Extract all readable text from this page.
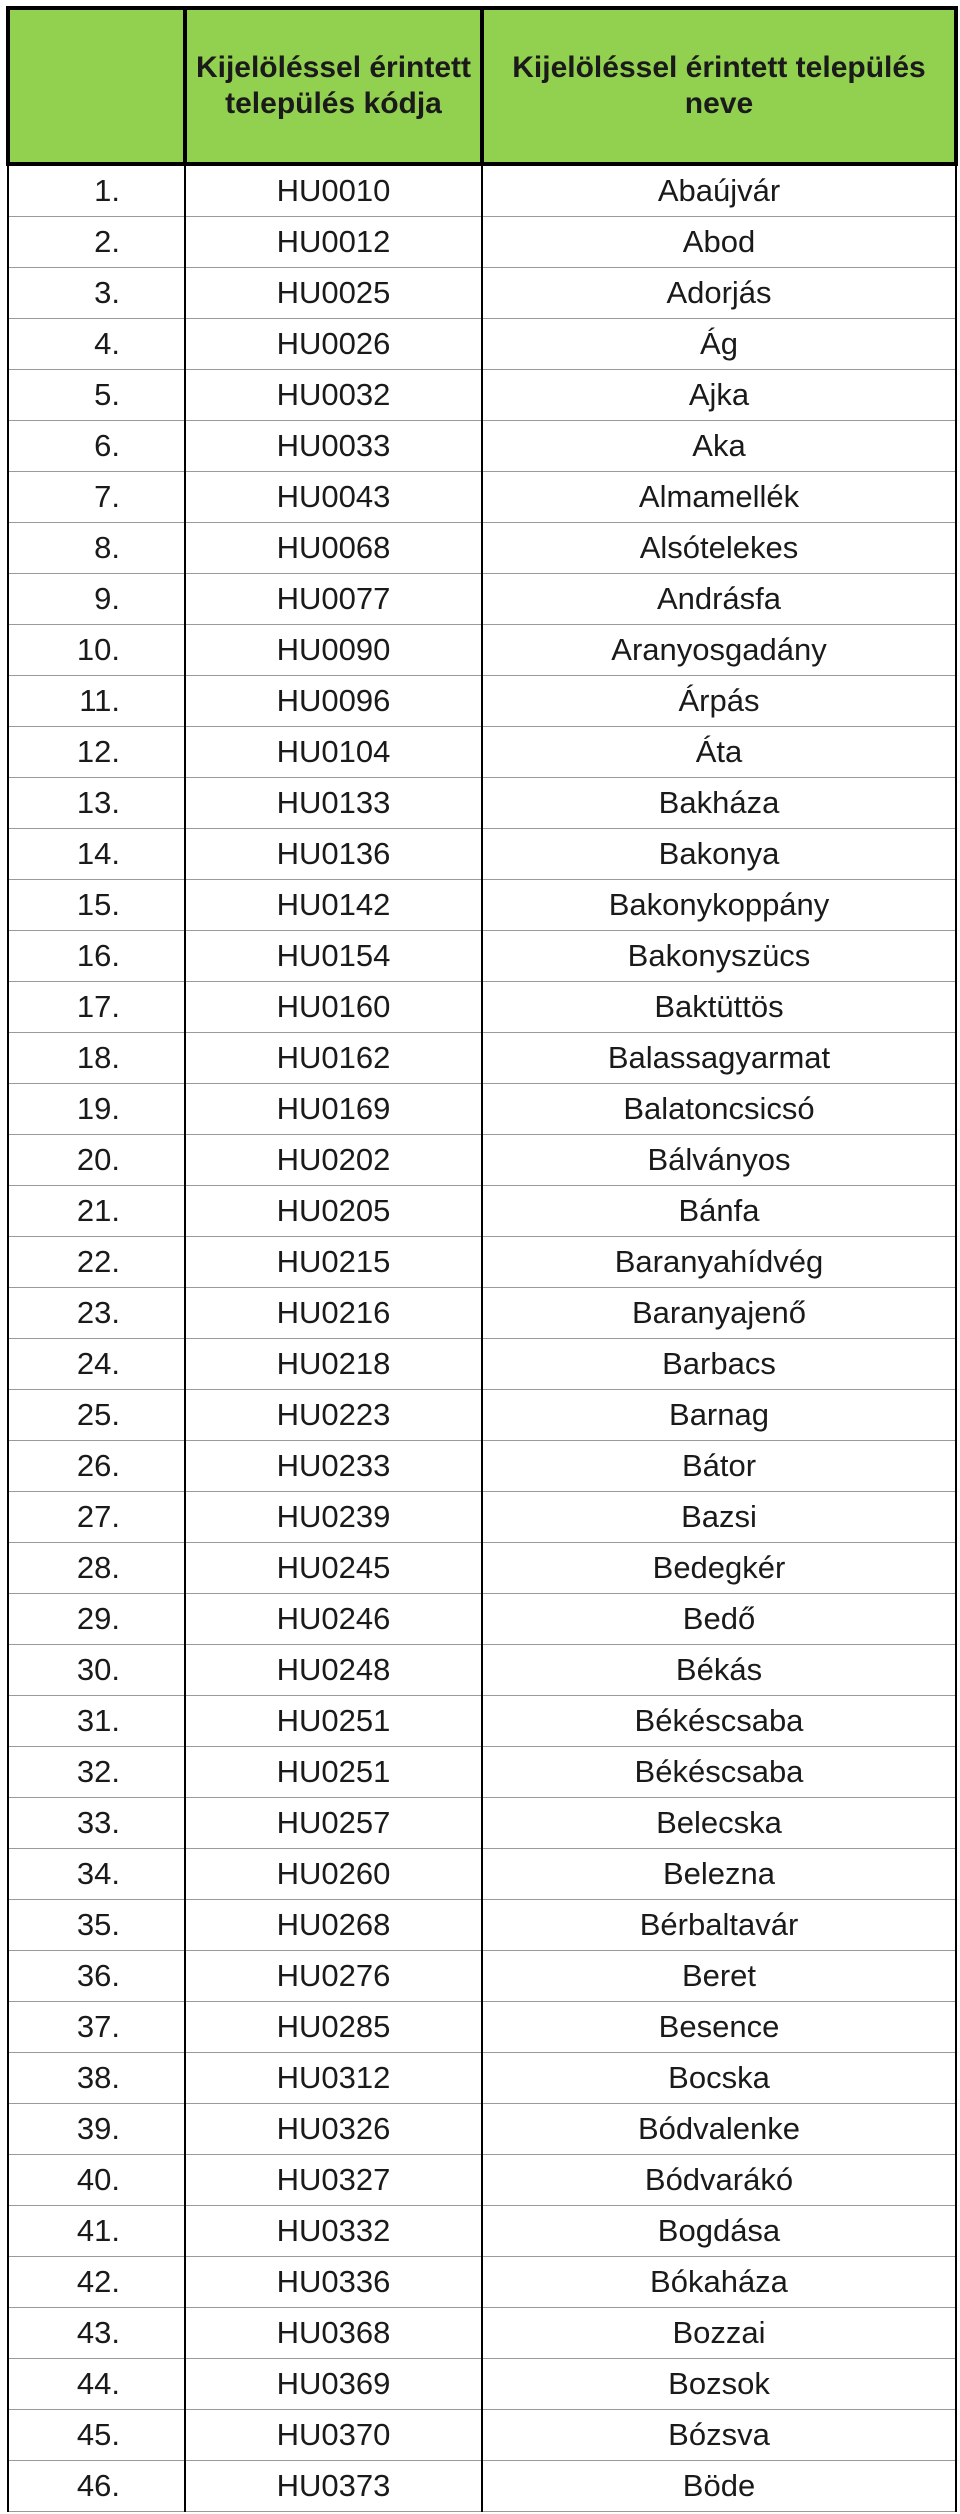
	Kijelöléssel érintett település kódja	Kijelöléssel érintett település neve
1.	HU0010	Abaújvár
2.	HU0012	Abod
3.	HU0025	Adorjás
4.	HU0026	Ág
5.	HU0032	Ajka
6.	HU0033	Aka
7.	HU0043	Almamellék
8.	HU0068	Alsótelekes
9.	HU0077	Andrásfa
10.	HU0090	Aranyosgadány
11.	HU0096	Árpás
12.	HU0104	Áta
13.	HU0133	Bakháza
14.	HU0136	Bakonya
15.	HU0142	Bakonykoppány
16.	HU0154	Bakonyszücs
17.	HU0160	Baktüttös
18.	HU0162	Balassagyarmat
19.	HU0169	Balatoncsicsó
20.	HU0202	Bálványos
21.	HU0205	Bánfa
22.	HU0215	Baranyahídvég
23.	HU0216	Baranyajenő
24.	HU0218	Barbacs
25.	HU0223	Barnag
26.	HU0233	Bátor
27.	HU0239	Bazsi
28.	HU0245	Bedegkér
29.	HU0246	Bedő
30.	HU0248	Békás
31.	HU0251	Békéscsaba
32.	HU0251	Békéscsaba
33.	HU0257	Belecska
34.	HU0260	Belezna
35.	HU0268	Bérbaltavár
36.	HU0276	Beret
37.	HU0285	Besence
38.	HU0312	Bocska
39.	HU0326	Bódvalenke
40.	HU0327	Bódvarákó
41.	HU0332	Bogdása
42.	HU0336	Bókaháza
43.	HU0368	Bozzai
44.	HU0369	Bozsok
45.	HU0370	Bózsva
46.	HU0373	Böde
